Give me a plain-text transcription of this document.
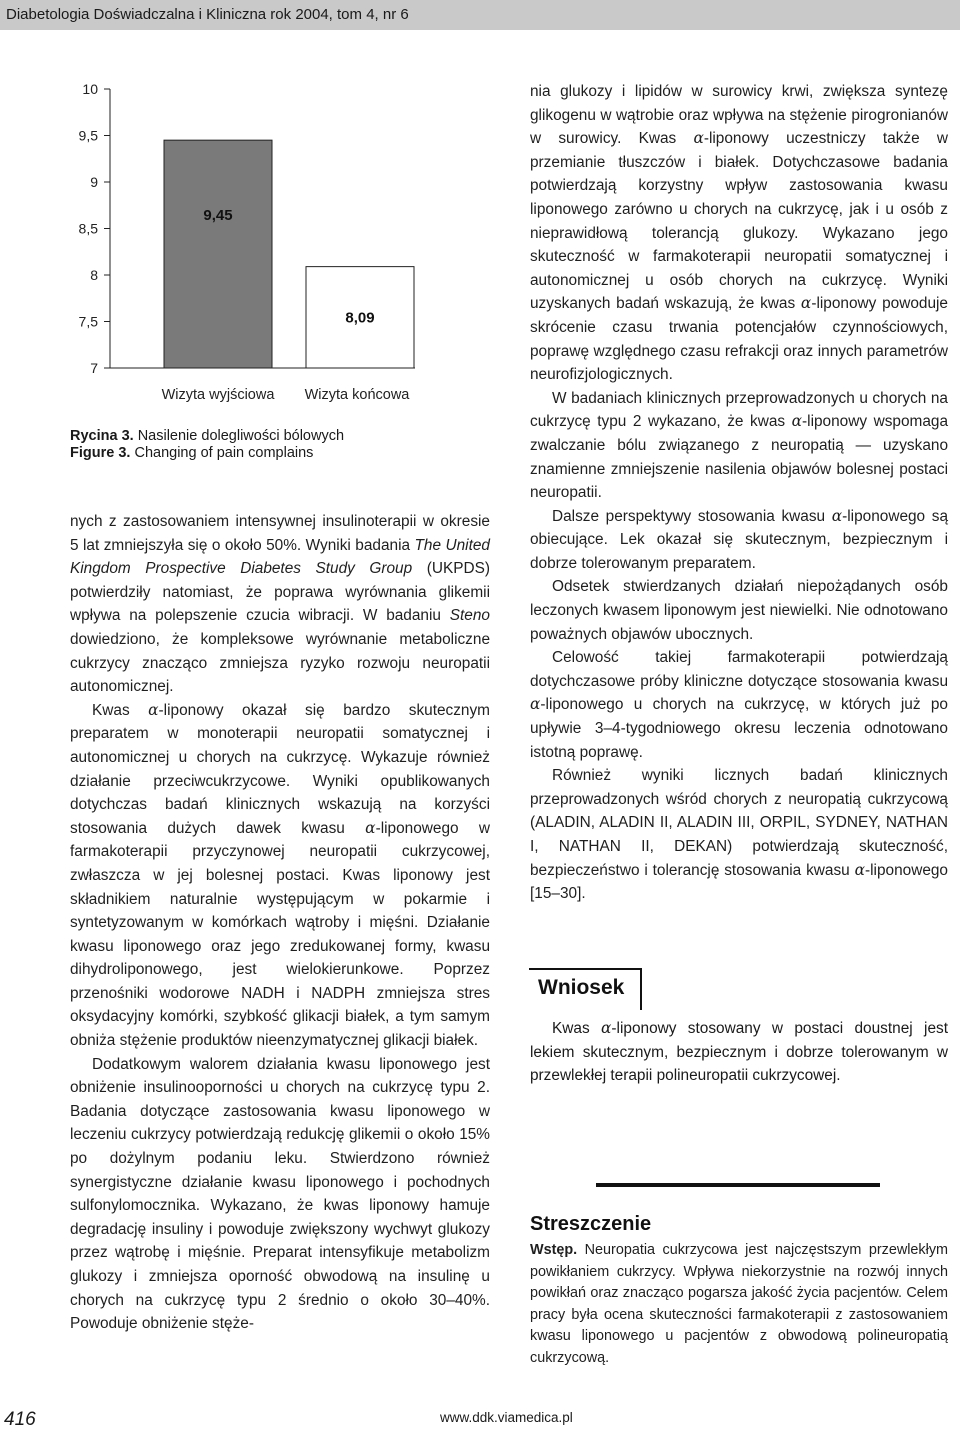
Diabetologia Doświadczalna i Kliniczna rok 2004, tom 4, nr 6
7
7,5
8
8,5
9
9,5
10
9,45
Wizyta wyjściowa
8,09
Wizyta końcowa
Rycina 3. Nasilenie dolegliwości bólowych
Figure 3. Changing of pain complains

nych z zastosowaniem intensywnej insulinoterapii w okresie 5 lat zmniejszyła się o około 50%. Wyniki badania The United Kingdom Prospective Diabetes Study Group (UKPDS) potwierdziły natomiast, że poprawa wyrównania glikemii wpływa na polepszenie czucia wibracji. W badaniu Steno dowiedziono, że kompleksowe wyrównanie metaboliczne cukrzycy znacząco zmniejsza ryzyko rozwoju neuropatii autonomicznej.

Kwas α-liponowy okazał się bardzo skutecznym preparatem w monoterapii neuropatii somatycznej i autonomicznej u chorych na cukrzycę. Wykazuje również działanie przeciwcukrzycowe. Wyniki opublikowanych dotychczas badań klinicznych wskazują na korzyści stosowania dużych dawek kwasu α-liponowego w farmakoterapii przyczynowej neuropatii cukrzycowej, zwłaszcza w jej bolesnej postaci. Kwas liponowy jest składnikiem naturalnie występującym w pokarmie i syntetyzowanym w komórkach wątroby i mięśni. Działanie kwasu liponowego oraz jego zredukowanej formy, kwasu dihydroliponowego, jest wielokierunkowe. Poprzez przenośniki wodorowe NADH i NADPH zmniejsza stres oksydacyjny komórki, szybkość glikacji białek, a tym samym obniża stężenie produktów nieenzymatycznej glikacji białek.

Dodatkowym walorem działania kwasu liponowego jest obniżenie insulinooporności u chorych na cukrzycę typu 2. Badania dotyczące zastosowania kwasu liponowego w leczeniu cukrzycy potwierdzają redukcję glikemii o około 15% po dożylnym podaniu leku. Stwierdzono również synergistyczne działanie kwasu liponowego i pochodnych sulfonylomocznika. Wykazano, że kwas liponowy hamuje degradację insuliny i powoduje zwiększony wychwyt glukozy przez wątrobę i mięśnie. Preparat intensyfikuje metabolizm glukozy i zmniejsza oporność obwodową na insulinę u chorych na cukrzycę typu 2 średnio o około 30–40%. Powoduje obniżenie stęże-

nia glukozy i lipidów w surowicy krwi, zwiększa syntezę glikogenu w wątrobie oraz wpływa na stężenie pirogronianów w surowicy. Kwas α-liponowy uczestniczy także w przemianie tłuszczów i białek. Dotychczasowe badania potwierdzają korzystny wpływ zastosowania kwasu liponowego zarówno u chorych na cukrzycę, jak i u osób z nieprawidłową tolerancją glukozy. Wykazano jego skuteczność w farmakoterapii neuropatii somatycznej i autonomicznej u osób chorych na cukrzycę. Wyniki uzyskanych badań wskazują, że kwas α-liponowy powoduje skrócenie czasu trwania potencjałów czynnościowych, poprawę względnego czasu refrakcji oraz innych parametrów neurofizjologicznych.

W badaniach klinicznych przeprowadzonych u chorych na cukrzycę typu 2 wykazano, że kwas α-liponowy wspomaga zwalczanie bólu związanego z neuropatią — uzyskano znamienne zmniejszenie nasilenia objawów bolesnej postaci neuropatii.

Dalsze perspektywy stosowania kwasu α-liponowego są obiecujące. Lek okazał się skutecznym, bezpiecznym i dobrze tolerowanym preparatem.

Odsetek stwierdzanych działań niepożądanych osób leczonych kwasem liponowym jest niewielki. Nie odnotowano poważnych objawów ubocznych.

Celowość takiej farmakoterapii potwierdzają dotychczasowe próby kliniczne dotyczące stosowania kwasu α-liponowego u chorych na cukrzycę, w których już po upływie 3–4-tygodniowego okresu leczenia odnotowano istotną poprawę.

Również wyniki licznych badań klinicznych przeprowadzonych wśród chorych z neuropatią cukrzycową (ALADIN, ALADIN II, ALADIN III, ORPIL, SYDNEY, NATHAN I, NATHAN II, DEKAN) potwierdzają skuteczność, bezpieczeństwo i tolerancję stosowania kwasu α-liponowego [15–30].

Wniosek

Kwas α-liponowy stosowany w postaci doustnej jest lekiem skutecznym, bezpiecznym i dobrze tolerowanym w przewlekłej terapii polineuropatii cukrzycowej.

Streszczenie

Wstęp. Neuropatia cukrzycowa jest najczęstszym przewlekłym powikłaniem cukrzycy. Wpływa niekorzystnie na rozwój innych powikłań oraz znacząco pogarsza jakość życia pacjentów. Celem pracy była ocena skuteczności farmakoterapii z zastosowaniem kwasu liponowego u pacjentów z obwodową polineuropatią cukrzycową.

416	www.ddk.viamedica.pl
